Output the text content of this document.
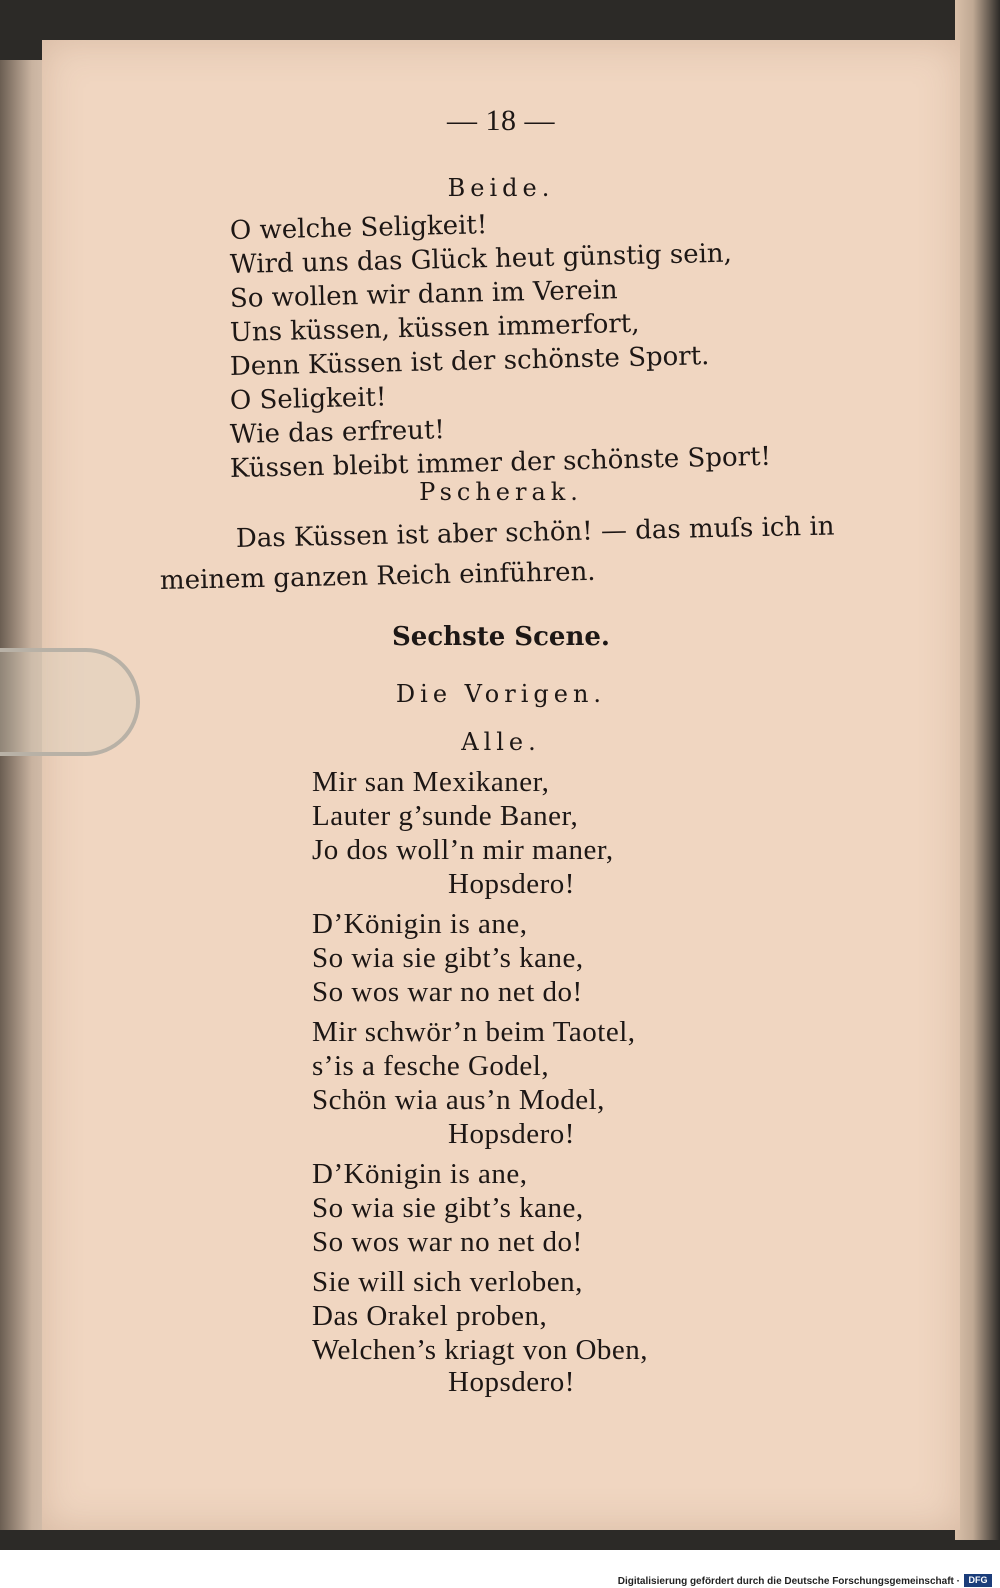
— 18 —
Beide.
O welche Seligkeit!
Wird uns das Glück heut günstig sein,
So wollen wir dann im Verein
Uns küssen, küssen immerfort,
Denn Küssen ist der schönste Sport.
O Seligkeit!
Wie das erfreut!
Küssen bleibt immer der schönste Sport!
Pscherak.
Das Küssen ist aber schön! — das muſs ich in
meinem ganzen Reich einführen.
Sechste Scene.
Die Vorigen.
Alle.
Mir san Mexikaner,
Lauter g’sunde Baner,
Jo dos woll’n mir maner,
Hopsdero!
D’Königin is ane,
So wia sie gibt’s kane,
So wos war no net do!
Mir schwör’n beim Taotel,
s’is a fesche Godel,
Schön wia aus’n Model,
Hopsdero!
D’Königin is ane,
So wia sie gibt’s kane,
So wos war no net do!
Sie will sich verloben,
Das Orakel proben,
Welchen’s kriagt von Oben,
Hopsdero!
Digitalisierung gefördert durch die Deutsche Forschungsgemeinschaft · DFG
